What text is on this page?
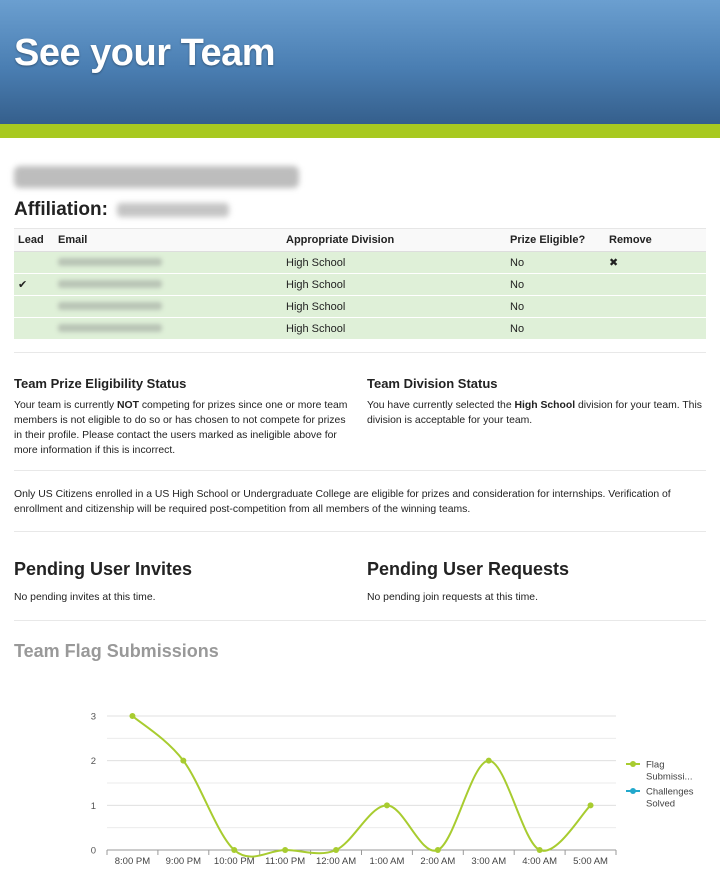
See your Team
Affiliation:
Lead	Email	Appropriate Division	Prize Eligible?	Remove
		High School	No	✖
✔		High School	No	
		High School	No	
		High School	No	
Team Prize Eligibility Status
Your team is currently NOT competing for prizes since one or more team members is not eligible to do so or has chosen to not compete for prizes in their profile. Please contact the users marked as ineligible above for more information if this is incorrect.
Team Division Status
You have currently selected the High School division for your team. This division is acceptable for your team.
Only US Citizens enrolled in a US High School or Undergraduate College are eligible for prizes and consideration for internships. Verification of enrollment and citizenship will be required post-competition from all members of the winning teams.
Pending User Invites
No pending invites at this time.
Pending User Requests
No pending join requests at this time.
Team Flag Submissions
0
1
2
3
8:00 PM 9:00 PM 10:00 PM 11:00 PM 12:00 AM 1:00 AM 2:00 AM 3:00 AM 4:00 AM 5:00 AM
Flag
Submissi...
Challenges
Solved
